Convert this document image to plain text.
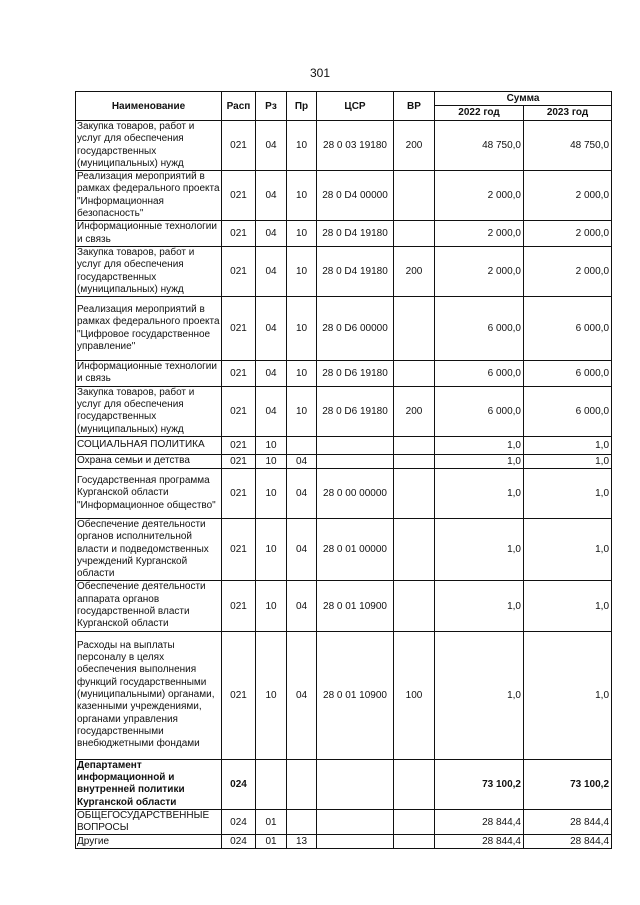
301
Наименование	Расп	Рз	Пр	ЦСР	ВР	Сумма	
						2022 год	2023 год
Закупка товаров, работ и услуг для обеспечения государственных (муниципальных) нужд	021	04	10	28 0 03 19180	200	48 750,0	48 750,0
Реализация мероприятий в рамках федерального проекта "Информационная безопасность"	021	04	10	28 0 D4 00000		2 000,0	2 000,0
Информационные технологии и связь	021	04	10	28 0 D4 19180		2 000,0	2 000,0
Закупка товаров, работ и услуг для обеспечения государственных (муниципальных) нужд	021	04	10	28 0 D4 19180	200	2 000,0	2 000,0
Реализация мероприятий в рамках федерального проекта "Цифровое государственное управление"	021	04	10	28 0 D6 00000		6 000,0	6 000,0
Информационные технологии и связь	021	04	10	28 0 D6 19180		6 000,0	6 000,0
Закупка товаров, работ и услуг для обеспечения государственных (муниципальных) нужд	021	04	10	28 0 D6 19180	200	6 000,0	6 000,0
СОЦИАЛЬНАЯ ПОЛИТИКА	021	10				1,0	1,0
Охрана семьи и детства	021	10	04			1,0	1,0
Государственная программа Курганской области "Информационное общество"	021	10	04	28 0 00 00000		1,0	1,0
Обеспечение деятельности органов исполнительной власти и подведомственных учреждений Курганской области	021	10	04	28 0 01 00000		1,0	1,0
Обеспечение деятельности аппарата органов государственной власти Курганской области	021	10	04	28 0 01 10900		1,0	1,0
Расходы на выплаты персоналу в целях обеспечения выполнения функций государственными (муниципальными) органами, казенными учреждениями, органами управления государственными внебюджетными фондами	021	10	04	28 0 01 10900	100	1,0	1,0
Департамент информационной и внутренней политики Курганской области	024					73 100,2	73 100,2
ОБЩЕГОСУДАРСТВЕННЫЕ ВОПРОСЫ	024	01				28 844,4	28 844,4
Другие	024	01	13			28 844,4	28 844,4
